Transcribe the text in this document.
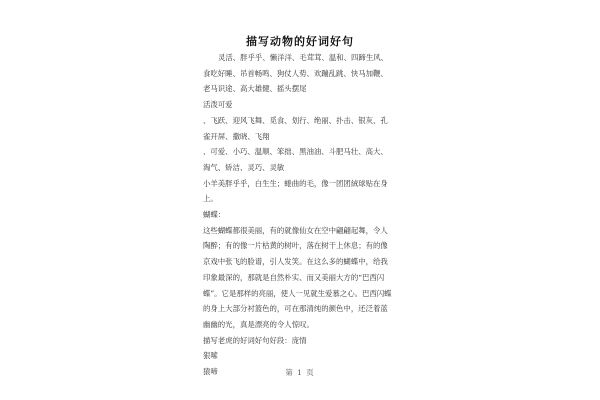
描写动物的好词好句
灵活、胖乎乎、懒洋洋、毛茸茸、温和、四蹄生风、
食吃好睡、吊首畅鸣、狗仗人势、欢蹦乱跳、快马加鞭、
老马识途、高大雄健、摇头摆尾
活泼可爱
、飞跃、迎风飞舞、觅食、划行、绝丽、扑击、银灰、孔
雀开屏、撒晓、飞翔
、可爱、小巧、温顺、笨拙、黑油油、斗肥马壮、高大、
淘气、矫洁、灵巧、灵敏
小羊美胖乎乎，白生生；蜷曲的毛，像一团团絨球贴在身
上。
蝴蝶：
这些蝴蝶都很美丽，有的就像仙女在空中翩翩起舞，令人
陶醉；有的像一片枯黄的树叶，落在树干上休息；有的像
京戏中张飞的脸谱，引人发笑。在这么多的蝴蝶中，给我
印象最深的，那就是自然朴实、而又美丽大方的“巴西闪
蝶”。它是那样的亮丽，使人一见就生爱慕之心。巴西闪蝶
的身上大部分衬篮色的，可在那清纯的颜色中，还泛着蓝
幽幽的光，真是漂亮的令人惊叹。
描写老虎的好词好句好段：庞情
狠嗦
猿啼	第 1 页
